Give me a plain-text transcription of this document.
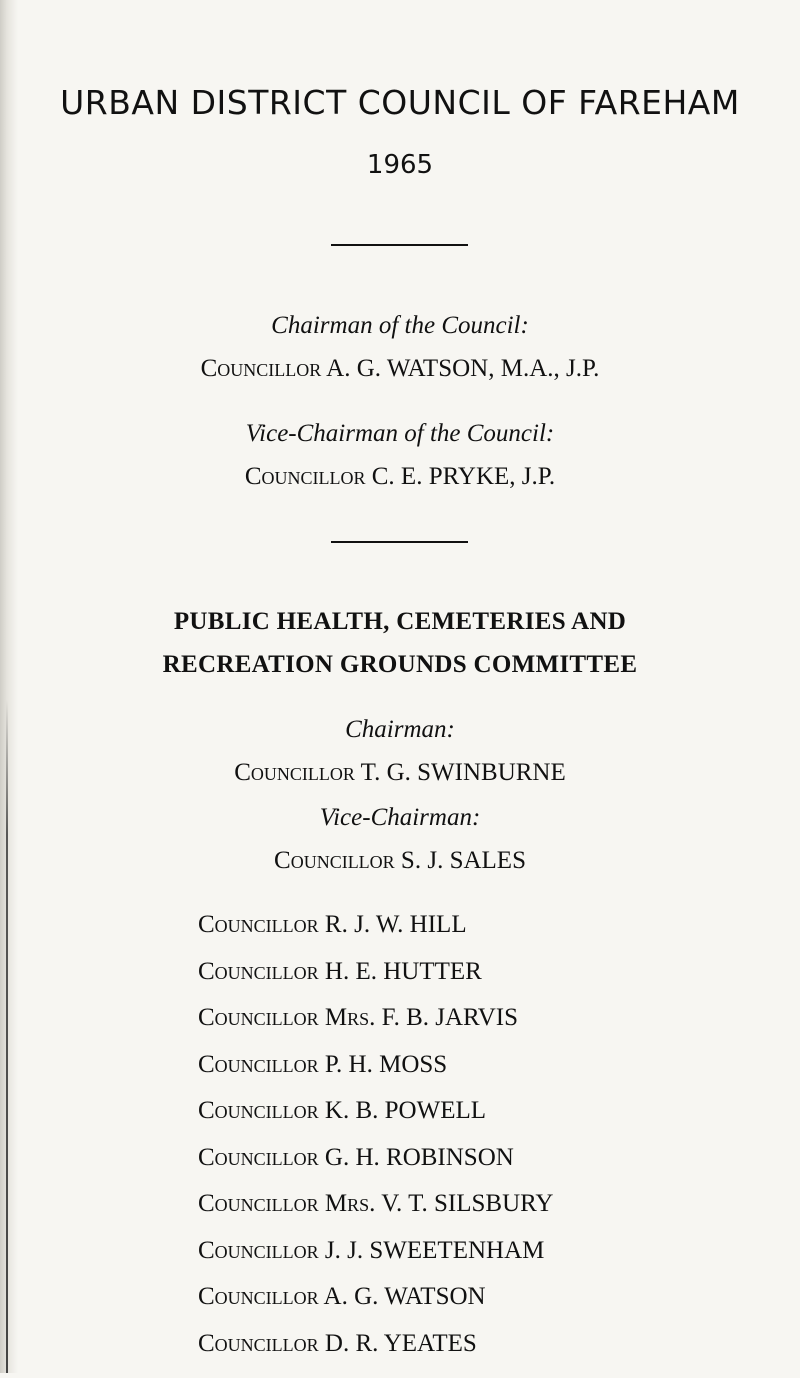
URBAN DISTRICT COUNCIL OF FAREHAM
1965
Chairman of the Council:
Councillor A. G. WATSON, M.A., J.P.
Vice-Chairman of the Council:
Councillor C. E. PRYKE, J.P.
PUBLIC HEALTH, CEMETERIES AND
RECREATION GROUNDS COMMITTEE
Chairman:
Councillor T. G. SWINBURNE
Vice-Chairman:
Councillor S. J. SALES
Councillor R. J. W. HILL
Councillor H. E. HUTTER
Councillor Mrs. F. B. JARVIS
Councillor P. H. MOSS
Councillor K. B. POWELL
Councillor G. H. ROBINSON
Councillor Mrs. V. T. SILSBURY
Councillor J. J. SWEETENHAM
Councillor A. G. WATSON
Councillor D. R. YEATES
